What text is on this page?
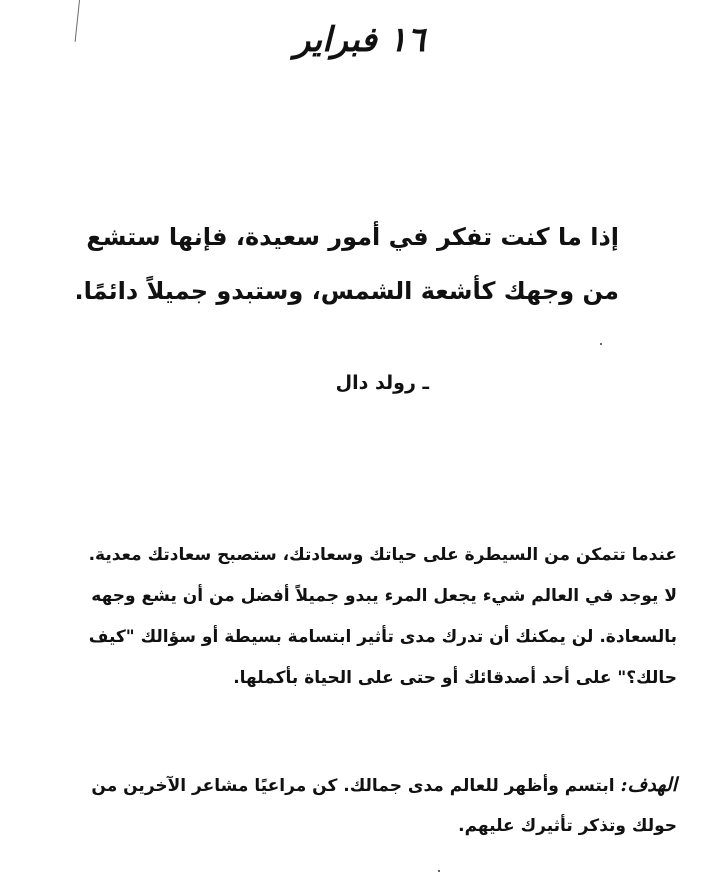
١٦ فبراير
إذا ما كنت تفكر في أمور سعيدة، فإنها ستشع
من وجهك كأشعة الشمس، وستبدو جميلاً دائمًا.
ـ رولد دال
عندما تتمكن من السيطرة على حياتك وسعادتك، ستصبح سعادتك معدية.
لا يوجد في العالم شيء يجعل المرء يبدو جميلاً أفضل من أن يشع وجهه
بالسعادة. لن يمكنك أن تدرك مدى تأثير ابتسامة بسيطة أو سؤالك "كيف
حالك؟" على أحد أصدقائك أو حتى على الحياة بأكملها.
الهدف: ابتسم وأظهر للعالم مدى جمالك. كن مراعيًا مشاعر الآخرين من
حولك وتذكر تأثيرك عليهم.
